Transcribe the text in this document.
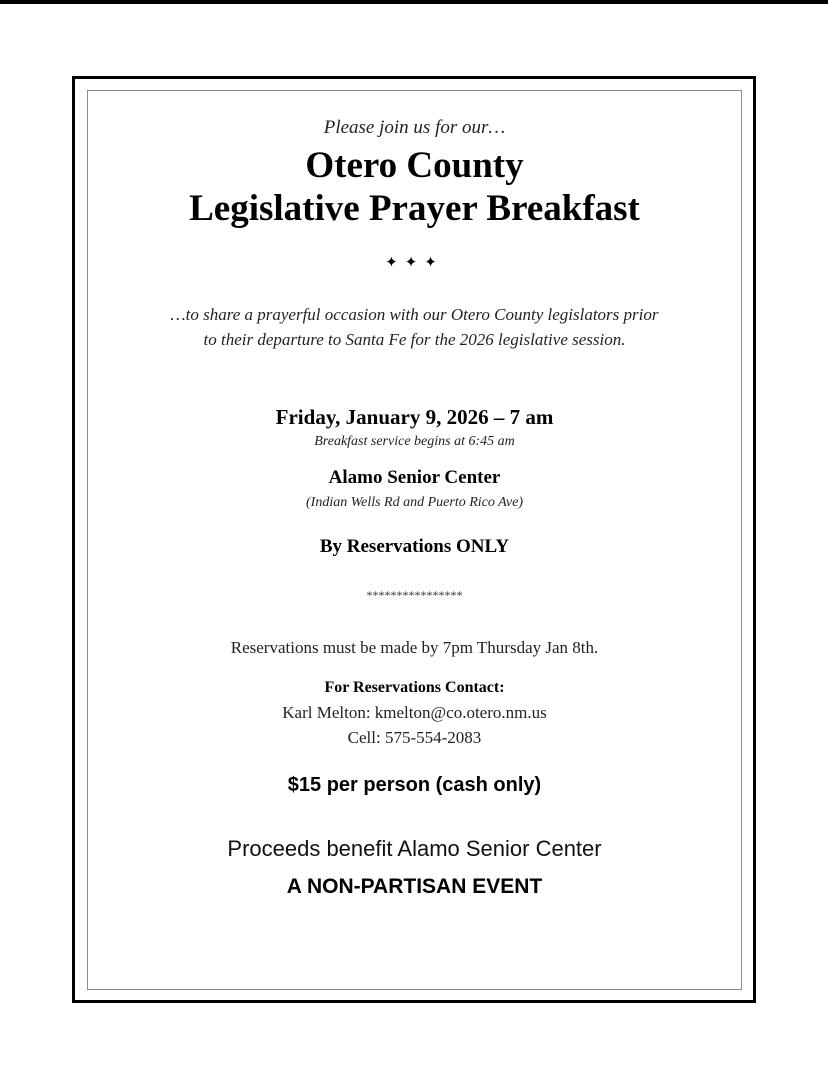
Please join us for our…
Otero County
Legislative Prayer Breakfast
✦✦✦
…to share a prayerful occasion with our Otero County legislators prior
to their departure to Santa Fe for the 2026 legislative session.
Friday, January 9, 2026 – 7 am
Breakfast service begins at 6:45 am
Alamo Senior Center
(Indian Wells Rd and Puerto Rico Ave)
By Reservations ONLY
****************
Reservations must be made by 7pm Thursday Jan 8th.
For Reservations Contact:
Karl Melton: kmelton@co.otero.nm.us
Cell: 575-554-2083
$15 per person (cash only)
Proceeds benefit Alamo Senior Center
A NON-PARTISAN EVENT
